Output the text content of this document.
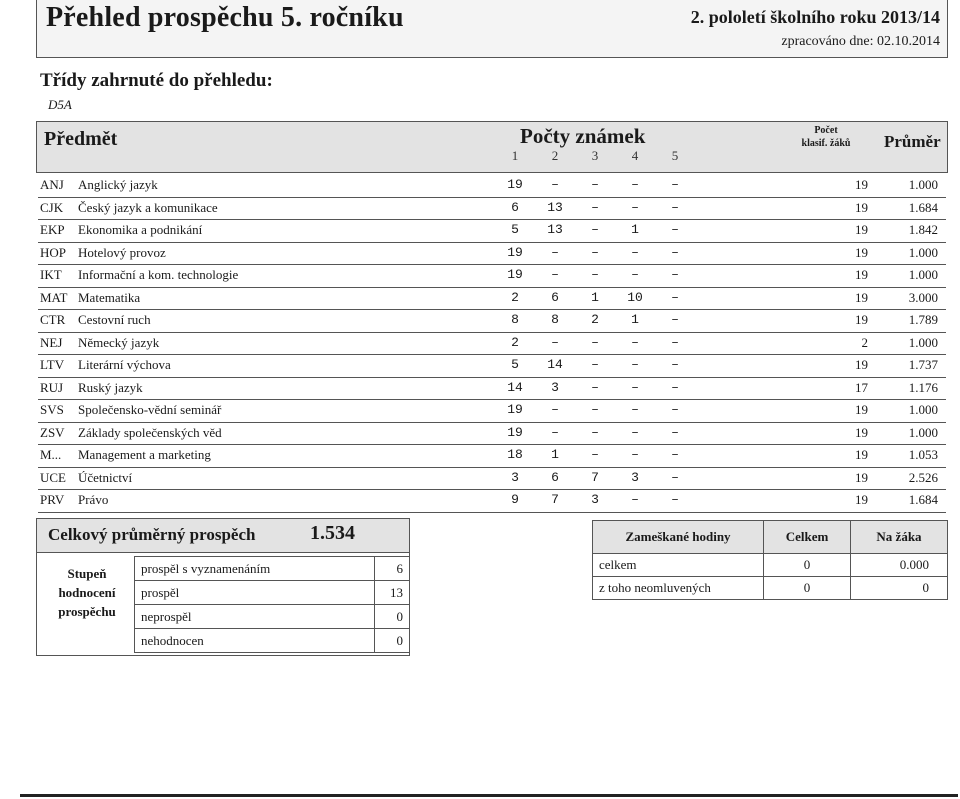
Přehled prospěchu 5. ročníku	2. pololetí školního roku 2013/14
zpracováno dne: 02.10.2014
Třídy zahrnuté do přehledu:
D5A
Předmět	Počty známek
1	2	3	4	5
Počet
klasif. žáků	Průměr
ANJ Anglický jazyk	19	–	–	–	–	19	1.000
CJK Český jazyk a komunikace	6	13	–	–	–	19	1.684
EKP Ekonomika a podnikání	5	13	–	1	–	19	1.842
HOP Hotelový provoz	19	–	–	–	–	19	1.000
IKT Informační a kom. technologie	19	–	–	–	–	19	1.000
MAT Matematika	2	6	1	10	–	19	3.000
CTR Cestovní ruch	8	8	2	1	–	19	1.789
NEJ Německý jazyk	2	–	–	–	–	2	1.000
LTV Literární výchova	5	14	–	–	–	19	1.737
RUJ Ruský jazyk	14	3	–	–	–	17	1.176
SVS Společensko-vědní seminář	19	–	–	–	–	19	1.000
ZSV Základy společenských věd	19	–	–	–	–	19	1.000
M... Management a marketing	18	1	–	–	–	19	1.053
UCE Účetnictví	3	6	7	3	–	19	2.526
PRV Právo	9	7	3	–	–	19	1.684
Celkový průměrný prospěch	1.534
Stupeň hodnocení prospěchu
prospěl s vyznamenáním	6
prospěl	13
neprospěl	0
nehodnocen	0
Zameškané hodiny	Celkem	Na žáka
celkem	0	0.000
z toho neomluvených	0	0
